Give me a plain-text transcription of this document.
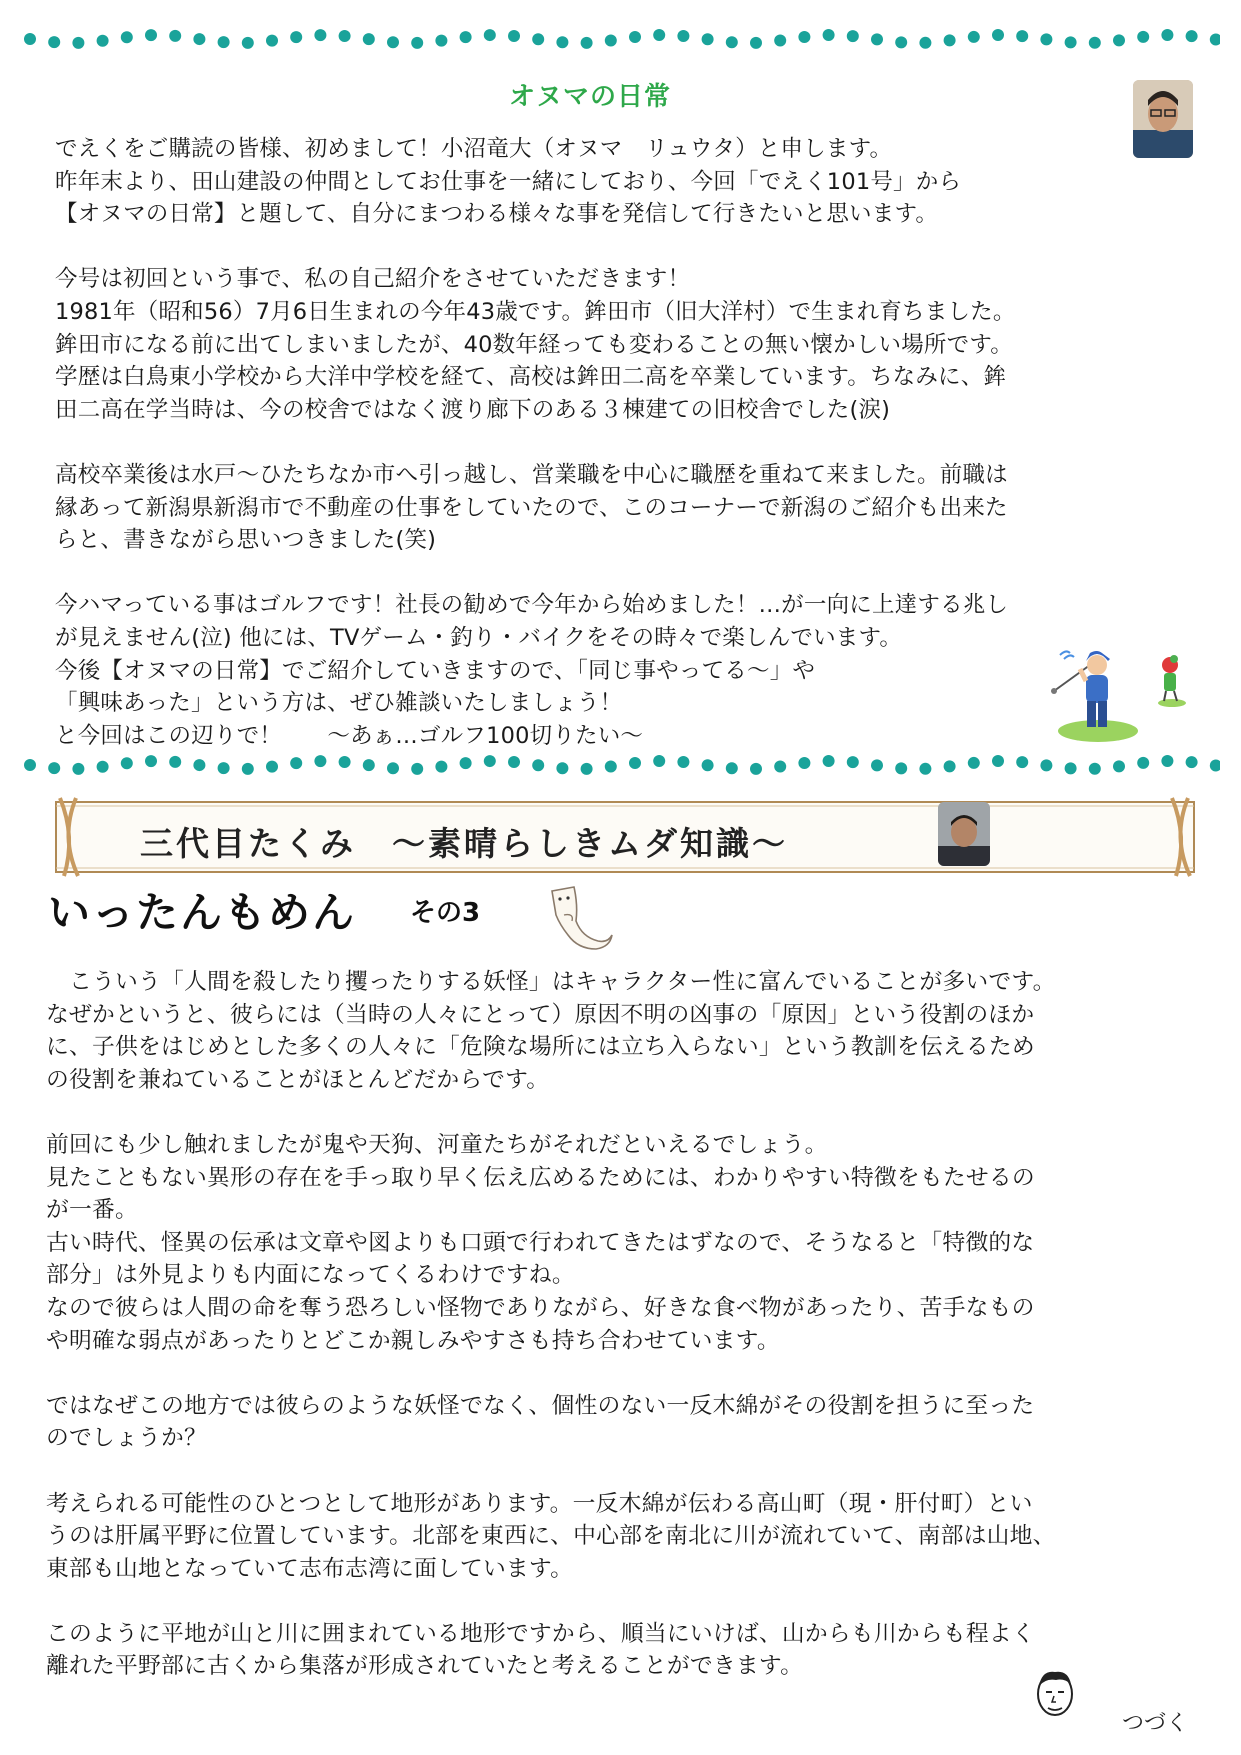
オヌマの日常
でえくをご購読の皆様、初めまして！小沼竜大（オヌマ　リュウタ）と申します。
昨年末より、田山建設の仲間としてお仕事を一緒にしており、今回「でえく101号」から
【オヌマの日常】と題して、自分にまつわる様々な事を発信して行きたいと思います。
今号は初回という事で、私の自己紹介をさせていただきます！
1981年（昭和56）7月6日生まれの今年43歳です。鉾田市（旧大洋村）で生まれ育ちました。
鉾田市になる前に出てしまいましたが、40数年経っても変わることの無い懐かしい場所です。
学歴は白鳥東小学校から大洋中学校を経て、高校は鉾田二高を卒業しています。ちなみに、鉾
田二高在学当時は、今の校舎ではなく渡り廊下のある３棟建ての旧校舎でした(涙)
高校卒業後は水戸～ひたちなか市へ引っ越し、営業職を中心に職歴を重ねて来ました。前職は
縁あって新潟県新潟市で不動産の仕事をしていたので、このコーナーで新潟のご紹介も出来た
らと、書きながら思いつきました(笑)
今ハマっている事はゴルフです！社長の勧めで今年から始めました！…が一向に上達する兆し
が見えません(泣) 他には、TVゲーム・釣り・バイクをその時々で楽しんでいます。
今後【オヌマの日常】でご紹介していきますので、「同じ事やってる～」や
「興味あった」という方は、ぜひ雑談いたしましょう！
と今回はこの辺りで！　　～あぁ…ゴルフ100切りたい～
三代目たくみ　～素晴らしきムダ知識～
いったんもめん その3
　こういう「人間を殺したり攫ったりする妖怪」はキャラクター性に富んでいることが多いです。
なぜかというと、彼らには（当時の人々にとって）原因不明の凶事の「原因」という役割のほか
に、子供をはじめとした多くの人々に「危険な場所には立ち入らない」という教訓を伝えるため
の役割を兼ねていることがほとんどだからです。
前回にも少し触れましたが鬼や天狗、河童たちがそれだといえるでしょう。
見たこともない異形の存在を手っ取り早く伝え広めるためには、わかりやすい特徴をもたせるの
が一番。
古い時代、怪異の伝承は文章や図よりも口頭で行われてきたはずなので、そうなると「特徴的な
部分」は外見よりも内面になってくるわけですね。
なので彼らは人間の命を奪う恐ろしい怪物でありながら、好きな食べ物があったり、苦手なもの
や明確な弱点があったりとどこか親しみやすさも持ち合わせています。
ではなぜこの地方では彼らのような妖怪でなく、個性のない一反木綿がその役割を担うに至った
のでしょうか？
考えられる可能性のひとつとして地形があります。一反木綿が伝わる高山町（現・肝付町）とい
うのは肝属平野に位置しています。北部を東西に、中心部を南北に川が流れていて、南部は山地、
東部も山地となっていて志布志湾に面しています。
このように平地が山と川に囲まれている地形ですから、順当にいけば、山からも川からも程よく
離れた平野部に古くから集落が形成されていたと考えることができます。
つづく
